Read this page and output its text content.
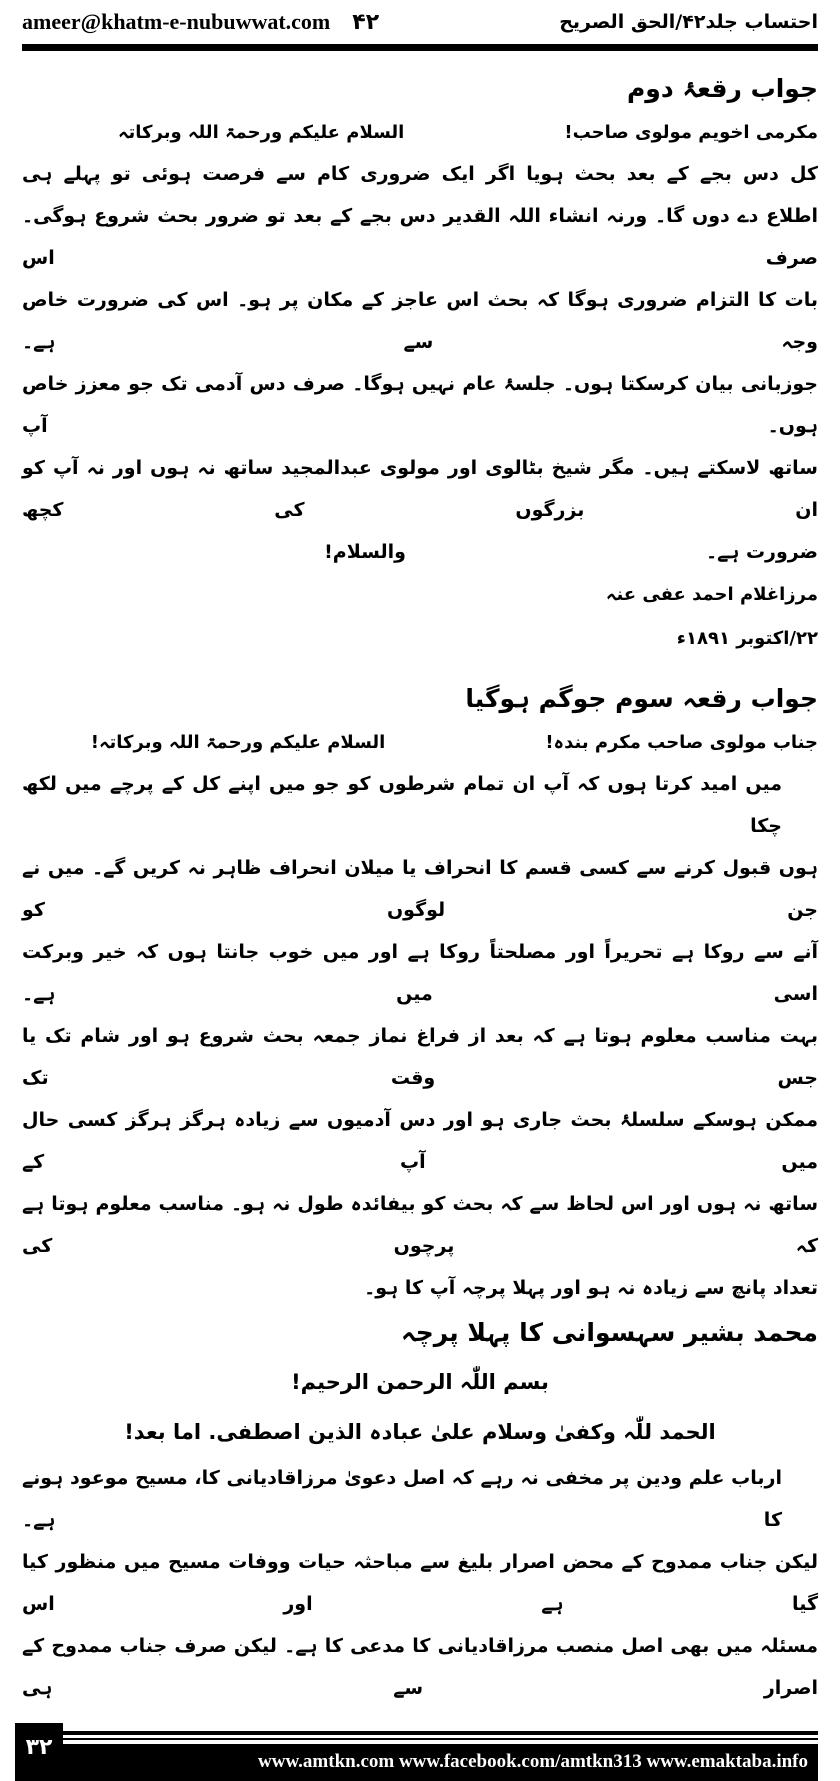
ameer@khatm-e-nubuwwat.com ۴۲	احتساب جلد۴۲/الحق الصریح
جواب رقعۂ دوم
مکرمی اخویم مولوی صاحب!
السلام علیکم ورحمۃ اللہ وبرکاتہ
کل دس بجے کے بعد بحث ہویا اگر ایک ضروری کام سے فرصت ہوئی تو پہلے ہی
اطلاع دے دوں گا۔ ورنہ انشاء اللہ القدیر دس بجے کے بعد تو ضرور بحث شروع ہوگی۔ صرف اس
بات کا التزام ضروری ہوگا کہ بحث اس عاجز کے مکان پر ہو۔ اس کی ضرورت خاص وجہ سے ہے۔
جوزبانی بیان کرسکتا ہوں۔ جلسۂ عام نہیں ہوگا۔ صرف دس آدمی تک جو معزز خاص ہوں۔ آپ
ساتھ لاسکتے ہیں۔ مگر شیخ بٹالوی اور مولوی عبدالمجید ساتھ نہ ہوں اور نہ آپ کو ان بزرگوں کی کچھ
ضرورت ہے۔
والسلام!
مرزاغلام احمد عفی عنہ
۲۲/اکتوبر ۱۸۹۱ء
جواب رقعہ سوم جوگم ہوگیا
جناب مولوی صاحب مکرم بندہ!
السلام علیکم ورحمۃ اللہ وبرکاتہ!
میں امید کرتا ہوں کہ آپ ان تمام شرطوں کو جو میں اپنے کل کے پرچے میں لکھ چکا
ہوں قبول کرنے سے کسی قسم کا انحراف یا میلان انحراف ظاہر نہ کریں گے۔ میں نے جن لوگوں کو
آنے سے روکا ہے تحریراً اور مصلحتاً روکا ہے اور میں خوب جانتا ہوں کہ خیر وبرکت اسی میں ہے۔
بہت مناسب معلوم ہوتا ہے کہ بعد از فراغ نماز جمعہ بحث شروع ہو اور شام تک یا جس وقت تک
ممکن ہوسکے سلسلۂ بحث جاری ہو اور دس آدمیوں سے زیادہ ہرگز ہرگز کسی حال میں آپ کے
ساتھ نہ ہوں اور اس لحاظ سے کہ بحث کو بیفائدہ طول نہ ہو۔ مناسب معلوم ہوتا ہے کہ پرچوں کی
تعداد پانچ سے زیادہ نہ ہو اور پہلا پرچہ آپ کا ہو۔
محمد بشیر سہسوانی کا پہلا پرچہ
بسم اللّٰہ الرحمن الرحیم!
الحمد للّٰہ وکفیٰ وسلام علیٰ عبادہ الذین اصطفی. اما بعد!
ارباب علم ودین پر مخفی نہ رہے کہ اصل دعویٰ مرزاقادیانی کا، مسیح موعود ہونے کا ہے۔
لیکن جناب ممدوح کے محض اصرار بلیغ سے مباحثہ حیات ووفات مسیح میں منظور کیا گیا ہے اور اس
مسئلہ میں بھی اصل منصب مرزاقادیانی کا مدعی کا ہے۔ لیکن صرف جناب ممدوح کے اصرار سے ہی
۳۲
www.amtkn.com www.facebook.com/amtkn313 www.emaktaba.info
